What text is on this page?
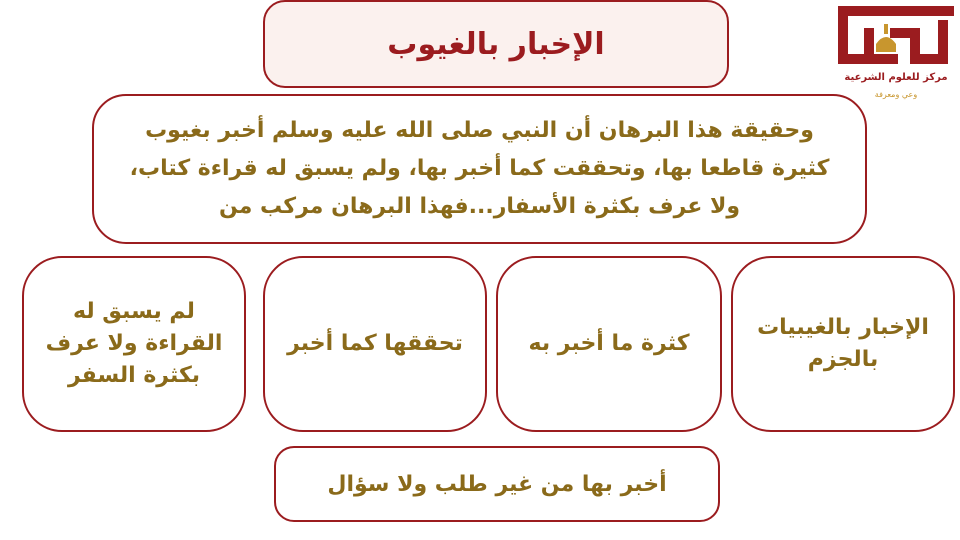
الإخبار بالغيوب
مركز للعلوم الشرعية
وعي ومعرفة
وحقيقة هذا البرهان أن النبي صلى الله عليه وسلم أخبر بغيوب كثيرة قاطعا بها، وتحققت كما أخبر بها، ولم يسبق له قراءة كتاب، ولا عرف بكثرة الأسفار...فهذا البرهان مركب من
الإخبار بالغيبيات بالجزم
كثرة ما أخبر به
تحققها كما أخبر
لم يسبق له القراءة ولا عرف بكثرة السفر
أخبر بها من غير طلب ولا سؤال
